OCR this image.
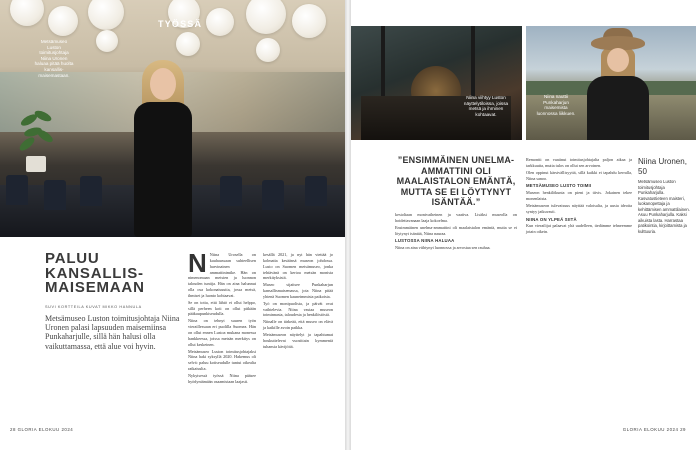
TYÖSSÄ
Metsämuseo Luston toimitusjohtaja Niina Uronen haluaa pitää huolta kansallis-maisemastaan.
PALUU
KANSALLIS-
MAISEMAAN
SUVI KORTTEILA KUVAT MIKKO HANNULA

Metsämuseo Luston toimitusjohtaja Niina Uronen palasi lapsuuden maisemiinsa Punkaharjulle, sillä hän halusi olla vaikuttamassa, että alue voi hyvin.

N Niina Urosella on kauhaussaan suhteellisen harvinainen ammattinimike. Hän on nimenomaan metsien ja luonnon talouden tuntija. Hän on aina halunnut olla osa kokonaisuutta, jossa metsä, ihmiset ja luonto kohtaavat.

Se on totta, että lähtö ei ollut helppo, sillä perheen koti on ollut pitkään pääkaupunkiseudulla.

Niina on tehnyt suuren työn vieraillessaan eri puolilla Suomea. Hän on ollut ennen Lustoa mukana monessa hankkeessa, joissa metsän merkitys on ollut keskeinen.

Metsämuseo Luston toimitusjohtajaksi Niina haki syksyllä 2020. Hakemus oli selvä: paluu kotiseudulle tuntui oikealta ratkaisulta.

Nykyisessä työssä Niina pääsee hyödyntämään osaamistaan laajasti.

kesällä 2021, ja nyt hän viettää jo kolmatta kesäänsä museon johdossa. Lusto on Suomen metsämuseo, jonka tehtävänä on kertoa metsän monista merkityksistä.

Museo sijaitsee Punkaharjun kansallismaisemassa, jota Niina pitää yhtenä Suomen kauneimmista paikoista.

Työ on monipuolista, ja päivät ovat vaihtelevia. Niina vastaa museon toiminnasta, taloudesta ja henkilöstöstä.

Niinalle on tärkeää, että museo on elävä ja kaikille avoin paikka.

Metsämuseon näyttelyt ja tapahtumat houkuttelevat vuosittain kymmeniä tuhansia kävijöitä.

28 GLORIA ELOKUU 2024
Niina viihtyy Luston näyttelytiloissa, joissa metsä ja ihminen kohtaavat.
Niina nauttii Punkaharjun maisemista luonnossa liikkuen.

”ENSIMMÄINEN UNELMA-AMMATTINI OLI MAALAISTALON EMÄNTÄ, MUTTA SE EI LÖYTYNYT ISÄNTÄÄ.”

Niina Uronen, 50

Metsämuseo Luston toimitusjohtaja Punkaharjulla. Kasvatustieteen maisteri, luokanopettaja ja kehittämisen ammattilainen. Asuu Punkaharjulla. Kaksi aikuista lasta. Harrastaa patikointia, kirjoittamista ja kulttuuria.

kestoltaan monivaiheinen ja vaativa. Lisäksi museolla on hoidettavanaan laaja kokoelma.

Ensimmäinen unelma-ammattini oli maalaistalon emäntä, mutta se ei löytynyt isäntää, Niina nauraa.

LUSTOSSA NIINA HALUAA

Niina on aina viihtynyt luonnossa ja arvostaa sen rauhaa.

Remontti on vaatinut toimitusjohtajalta paljon aikaa ja tarkkuutta, mutta tulos on ollut sen arvoinen.

Olen oppinut kärsivällisyyttä, sillä kaikki ei tapahdu kerralla, Niina sanoo.

METSÄMUSEO LUSTO TOIMII

Museon henkilökunta on pieni ja tiivis. Jokainen tekee monenlaista.

Metsämuseon tulevaisuus näyttää valoisalta, ja uusia ideoita syntyy jatkuvasti.

NIINA ON YLPEÄ SIITÄ

Kun vierailijat palaavat yhä uudelleen, tiedämme tehneemme jotain oikein.

GLORIA ELOKUU 2024 29
